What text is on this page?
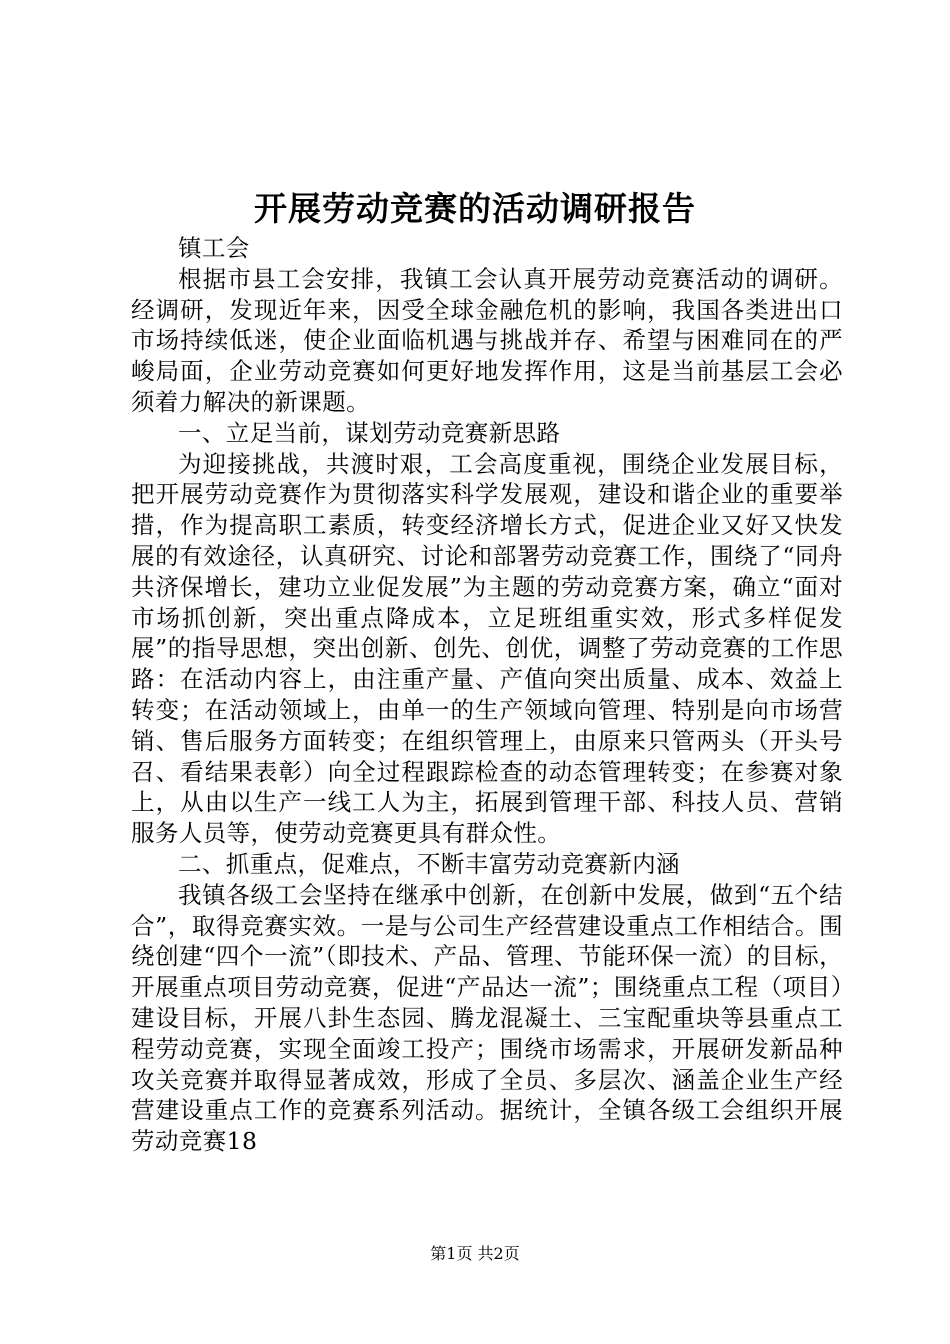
开展劳动竞赛的活动调研报告

镇工会

根据市县工会安排，我镇工会认真开展劳动竞赛活动的调研。经调研，发现近年来，因受全球金融危机的影响，我国各类进出口市场持续低迷，使企业面临机遇与挑战并存、希望与困难同在的严峻局面，企业劳动竞赛如何更好地发挥作用，这是当前基层工会必须着力解决的新课题。

一、立足当前，谋划劳动竞赛新思路

为迎接挑战，共渡时艰，工会高度重视，围绕企业发展目标，把开展劳动竞赛作为贯彻落实科学发展观，建设和谐企业的重要举措，作为提高职工素质，转变经济增长方式，促进企业又好又快发展的有效途径，认真研究、讨论和部署劳动竞赛工作，围绕了“同舟共济保增长，建功立业促发展”为主题的劳动竞赛方案，确立“面对市场抓创新，突出重点降成本，立足班组重实效，形式多样促发展”的指导思想，突出创新、创先、创优，调整了劳动竞赛的工作思路：在活动内容上，由注重产量、产值向突出质量、成本、效益上转变；在活动领域上，由单一的生产领域向管理、特别是向市场营销、售后服务方面转变；在组织管理上，由原来只管两头（开头号召、看结果表彰）向全过程跟踪检查的动态管理转变；在参赛对象上，从由以生产一线工人为主，拓展到管理干部、科技人员、营销服务人员等，使劳动竞赛更具有群众性。

二、抓重点，促难点，不断丰富劳动竞赛新内涵

我镇各级工会坚持在继承中创新，在创新中发展，做到“五个结合”，取得竞赛实效。一是与公司生产经营建设重点工作相结合。围绕创建“四个一流”（即技术、产品、管理、节能环保一流）的目标，开展重点项目劳动竞赛，促进“产品达一流”；围绕重点工程（项目）建设目标，开展八卦生态园、腾龙混凝土、三宝配重块等县重点工程劳动竞赛，实现全面竣工投产；围绕市场需求，开展研发新品种攻关竞赛并取得显著成效，形成了全员、多层次、涵盖企业生产经营建设重点工作的竞赛系列活动。据统计，全镇各级工会组织开展劳动竞赛18

第1页 共2页
